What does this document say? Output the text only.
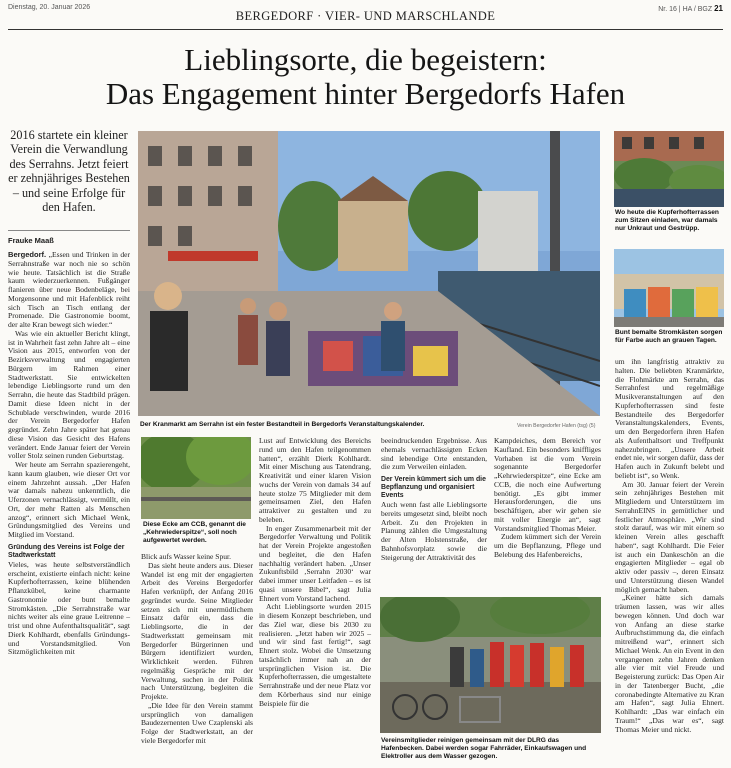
Dienstag, 20. Januar 2026	Nr. 16 | HA / BGZ 21
BERGEDORF · VIER- UND MARSCHLANDE
Lieblingsorte, die begeistern:
Das Engagement hinter Bergedorfs Hafen
2016 startete ein kleiner Verein die Verwandlung des Serrahns. Jetzt feiert er zehnjähriges Bestehen – und seine Erfolge für den Hafen.
Frauke Maaß
Der Kranmarkt am Serrahn ist ein fester Bestandteil in Bergedorfs Veranstaltungskalender.	Verein Bergedorfer Hafen (tsg) (5)
Wo heute die Kupferhofterrassen zum Sitzen einladen, war damals nur Unkraut und Gestrüpp.
Bunt bemalte Stromkästen sorgen für Farbe auch an grauen Tagen.
Diese Ecke am CCB, genannt die „Kehrwiederspitze“, soll noch aufgewertet werden.
Vereinsmitglieder reinigen gemeinsam mit der DLRG das Hafenbecken. Dabei werden sogar Fahrräder, Einkaufswagen und Elektroller aus dem Wasser gezogen.

Bergedorf. „Essen und Trinken in der Serrahnstraße war noch nie so schön wie heute. Tatsächlich ist die Straße kaum wiederzuerkennen. Fußgänger flanieren über neue Bodenbeläge, bei Morgensonne und mit Hafenblick reiht sich Tisch an Tisch entlang der Promenade. Die Gastronomie boomt, der alte Kran bewegt sich wieder.“

Was wie ein aktueller Bericht klingt, ist in Wahrheit fast zehn Jahre alt – eine Vision aus 2015, entworfen von der Bezirksverwaltung und engagierten Bürgern im Rahmen einer Stadtwerkstatt. Sie entwickelten lebendige Lieblingsorte rund um den Serrahn, die heute das Stadtbild prägen. Damit diese Ideen nicht in der Schublade verschwinden, wurde 2016 der Verein Bergedorfer Hafen gegründet. Zehn Jahre später hat genau diese Vision das Gesicht des Hafens verändert. Ende Januar feiert der Verein voller Stolz seinen runden Geburtstag.

Wer heute am Serrahn spazierengeht, kann kaum glauben, wie dieser Ort vor einem Jahrzehnt aussah. „Der Hafen war damals nahezu unkenntlich, die Uferzonen vernachlässigt, vermüllt, ein Ort, der mehr Ratten als Menschen anzog“, erinnert sich Michael Wenk, Gründungsmitglied des Vereins und Mitglied im Vorstand.

Gründung des Vereins ist Folge der Stadtwerkstatt

Vieles, was heute selbstverständlich erscheint, existierte einfach nicht: keine Kupferhofterrassen, keine blühenden Pflanzkübel, keine charmante Gastronomie oder bunt bemalte Stromkästen. „Die Serrahnstraße war nichts weiter als eine graue Leitrenne – trist und ohne Aufenthaltsqualität“, sagt Dierk Kohlhardt, ebenfalls Gründungs- und Vorstandsmitglied. Von Sitzmöglichkeiten mit

Blick aufs Wasser keine Spur.

Das sieht heute anders aus. Dieser Wandel ist eng mit der engagierten Arbeit des Vereins Bergedorfer Hafen verknüpft, der Anfang 2016 gegründet wurde. Seine Mitglieder setzen sich mit unermüdlichem Einsatz dafür ein, dass die Lieblingsorte, die in der Stadtwerkstatt gemeinsam mit Bergedorfer Bürgerinnen und Bürgern identifiziert wurden, Wirklichkeit werden. Führen regelmäßig Gespräche mit der Verwaltung, suchen in der Politik nach Unterstützung, begleiten die Projekte.

„Die Idee für den Verein stammt ursprünglich von damaligen Baudezernenten Uwe Czaplenski als Folge der Stadtwerkstatt, an der viele Bergedorfer mit

Lust auf Entwicklung des Bereichs rund um den Hafen teilgenommen hatten“, erzählt Dierk Kohlhardt. Mit einer Mischung aus Tatendrang, Kreativität und einer klaren Vision wuchs der Verein von damals 34 auf heute stolze 75 Mitglieder mit dem gemeinsamen Ziel, den Hafen attraktiver zu gestalten und zu beleben.

In enger Zusammenarbeit mit der Bergedorfer Verwaltung und Politik hat der Verein Projekte angestoßen und begleitet, die den Hafen nachhaltig verändert haben. „Unser Zukunftsbild ‚Serrahn 2030‘ war dabei immer unser Leitfaden – es ist quasi unsere Bibel“, sagt Julia Ehnert vom Vorstand lachend.

Acht Lieblingsorte wurden 2015 in diesem Konzept beschrieben, und das Ziel war, diese bis 2030 zu realisieren. „Jetzt haben wir 2025 – und wir sind fast fertig!“, sagt Ehnert stolz. Wobei die Umsetzung tatsächlich immer nah an der ursprünglichen Vision ist. Die Kupferhofterrassen, die umgestaltete Serrahnstraße und der neue Platz vor dem Körberhaus sind nur einige Beispiele für die

beeindruckenden Ergebnisse. Aus ehemals vernachlässigten Ecken sind lebendige Orte entstanden, die zum Verweilen einladen.

Der Verein kümmert sich um die Bepflanzung und organisiert Events

Auch wenn fast alle Lieblingsorte bereits umgesetzt sind, bleibt noch Arbeit. Zu den Projekten in Planung zählen die Umgestaltung der Alten Holstenstraße, der Bahnhofsvorplatz sowie die Steigerung der Attraktivität des

Kampdeiches, dem Bereich vor Kaufland. Ein besonders kniffliges Vorhaben ist die vom Verein sogenannte Bergedorfer „Kehrwiederspitze“, eine Ecke am CCB, die noch eine Aufwertung benötigt. „Es gibt immer Herausforderungen, die uns beschäftigen, aber wir gehen sie mit voller Energie an“, sagt Vorstandsmitglied Thomas Meier.

Zudem kümmert sich der Verein um die Bepflanzung, Pflege und Belebung des Hafenbereichs,

um ihn langfristig attraktiv zu halten. Die beliebten Kranmärkte, die Flohmärkte am Serrahn, das Serrahnfest und regelmäßige Musikveranstaltungen auf den Kupferhofterrassen sind feste Bestandteile des Bergedorfer Veranstaltungskalenders, Events, um den Bergedorfern ihren Hafen als Aufenthaltsort und Treffpunkt nahezubringen. „Unsere Arbeit endet nie, wir sorgen dafür, dass der Hafen auch in Zukunft belebt und beliebt ist“, so Wenk.

Am 30. Januar feiert der Verein sein zehnjähriges Bestehen mit Mitgliedern und Unterstützern im SerrahnEINS in gemütlicher und festlicher Atmosphäre. „Wir sind stolz darauf, was wir mit einem so kleinen Verein alles geschafft haben“, sagt Kohlhardt. Die Feier ist auch ein Dankeschön an die engagierten Mitglieder – egal ob aktiv oder passiv –, deren Einsatz und Unterstützung diesen Wandel möglich gemacht haben.

„Keiner hätte sich damals träumen lassen, was wir alles bewegen können. Und doch war von Anfang an diese starke Aufbruchstimmung da, die einfach mitreißend war“, erinnert sich Michael Wenk. An ein Event in den vergangenen zehn Jahren denken alle vier mit viel Freude und Begeisterung zurück: Das Open Air in der Tatenberger Bucht, „die coronabedingte Alternative zu Kran am Hafen“, sagt Julia Ehnert. Kohlhardt: „Das war einfach ein Traum!“ „Das war es“, sagt Thomas Meier und nickt.
